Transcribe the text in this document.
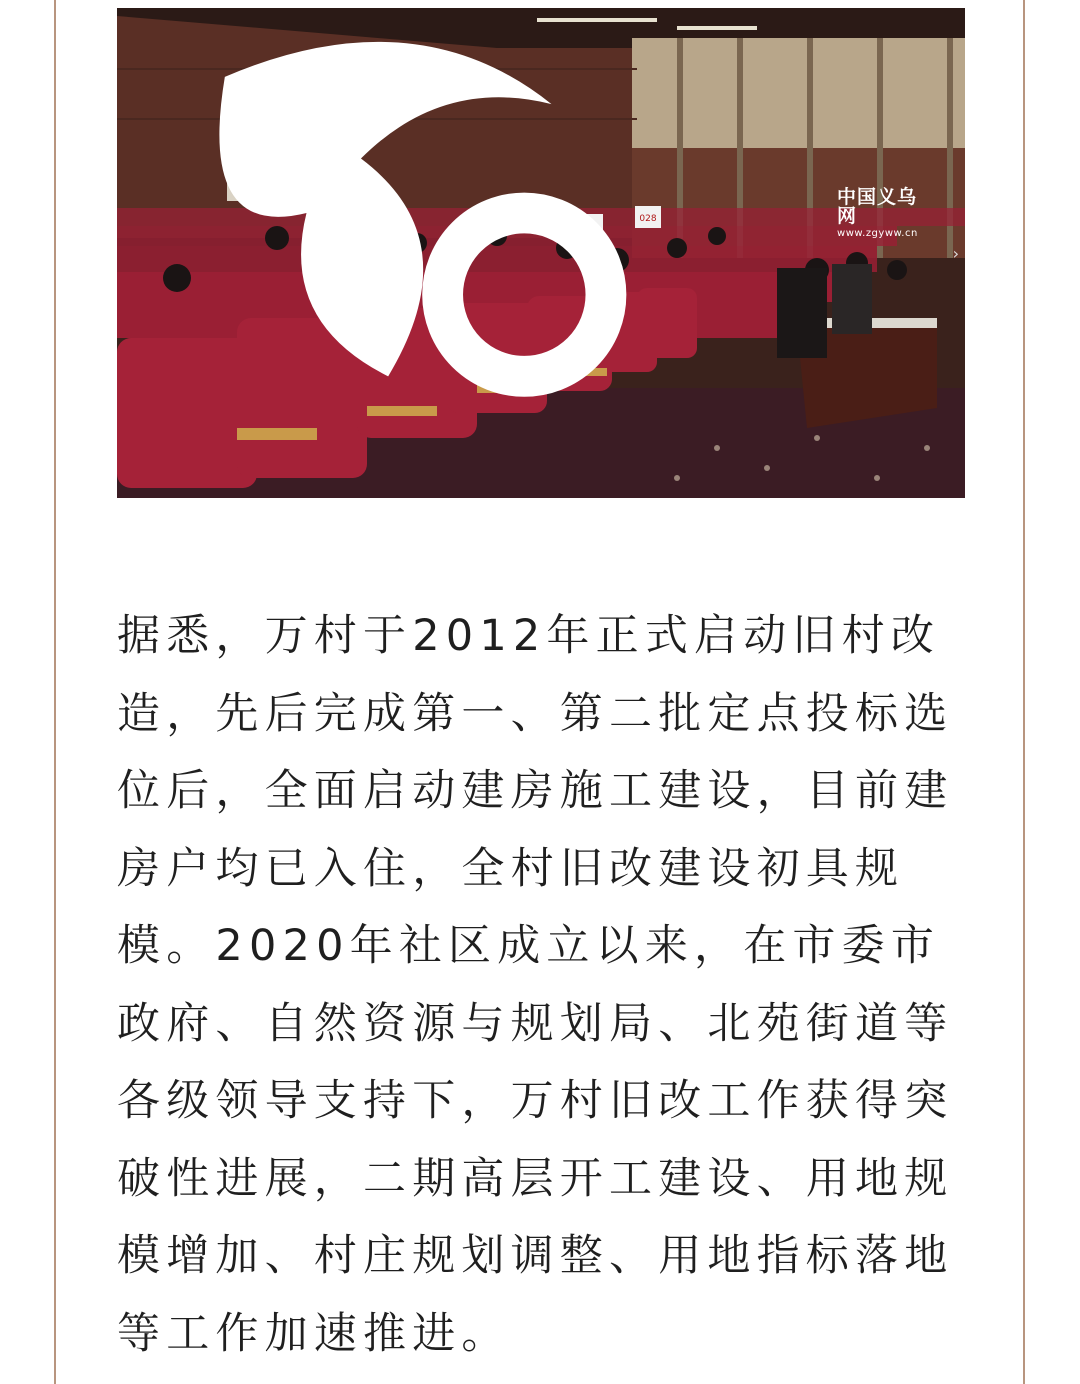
028
028
›
中国义乌网
www.zgyww.cn

据悉，万村于2012年正式启动旧村改造，先后完成第一、第二批定点投标选位后，全面启动建房施工建设，目前建房户均已入住，全村旧改建设初具规模。2020年社区成立以来，在市委市政府、自然资源与规划局、北苑街道等各级领导支持下，万村旧改工作获得突破性进展，二期高层开工建设、用地规模增加、村庄规划调整、用地指标落地等工作加速推进。
